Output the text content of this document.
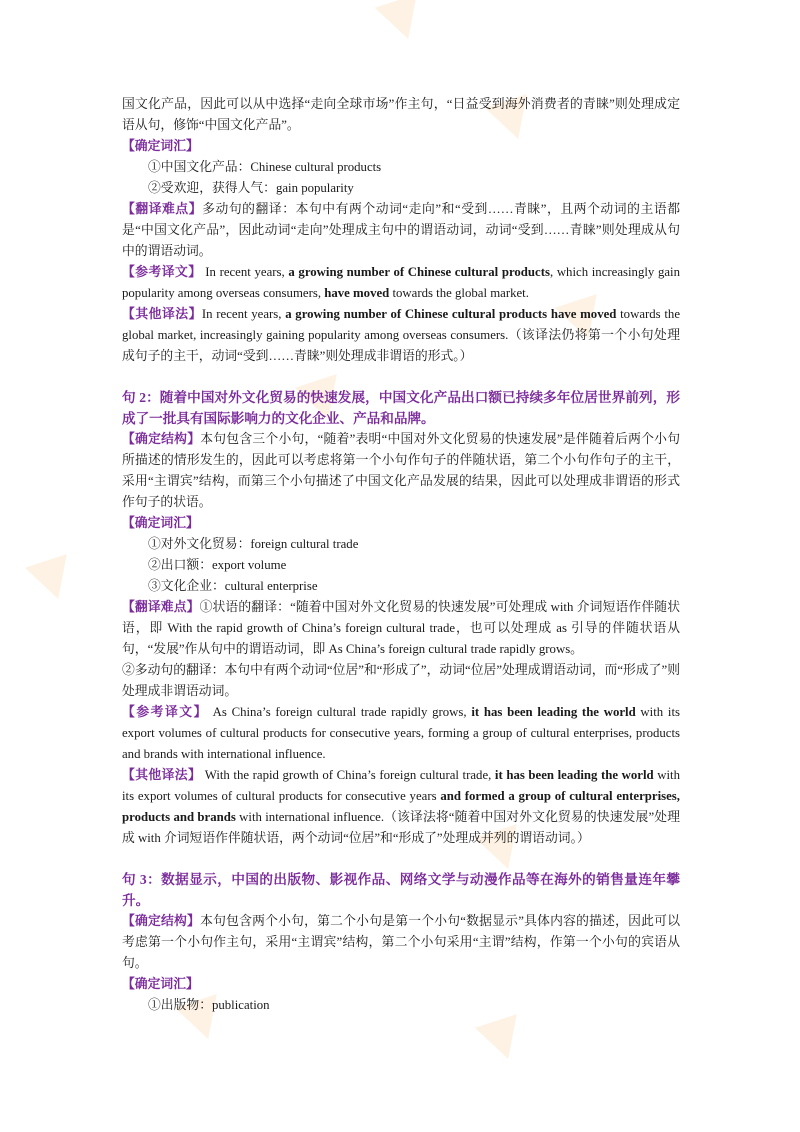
国文化产品，因此可以从中选择“走向全球市场”作主句，“日益受到海外消费者的青睐”则处理成定语从句，修饰“中国文化产品”。

【确定词汇】

①中国文化产品：Chinese cultural products

②受欢迎，获得人气：gain popularity

【翻译难点】多动句的翻译：本句中有两个动词“走向”和“受到……青睐”，且两个动词的主语都是“中国文化产品”，因此动词“走向”处理成主句中的谓语动词，动词“受到……青睐”则处理成从句中的谓语动词。

【参考译文】 In recent years, a growing number of Chinese cultural products, which increasingly gain popularity among overseas consumers, have moved towards the global market.

【其他译法】In recent years, a growing number of Chinese cultural products have moved towards the global market, increasingly gaining popularity among overseas consumers.（该译法仍将第一个小句处理成句子的主干，动词“受到……青睐”则处理成非谓语的形式。）

句 2：随着中国对外文化贸易的快速发展，中国文化产品出口额已持续多年位居世界前列，形成了一批具有国际影响力的文化企业、产品和品牌。

【确定结构】本句包含三个小句，“随着”表明“中国对外文化贸易的快速发展”是伴随着后两个小句所描述的情形发生的，因此可以考虑将第一个小句作句子的伴随状语，第二个小句作句子的主干，采用“主谓宾”结构，而第三个小句描述了中国文化产品发展的结果，因此可以处理成非谓语的形式作句子的状语。

【确定词汇】

①对外文化贸易：foreign cultural trade

②出口额：export volume

③文化企业：cultural enterprise

【翻译难点】①状语的翻译：“随着中国对外文化贸易的快速发展”可处理成 with 介词短语作伴随状语，即 With the rapid growth of China’s foreign cultural trade，也可以处理成 as 引导的伴随状语从句，“发展”作从句中的谓语动词，即 As China’s foreign cultural trade rapidly grows。

②多动句的翻译：本句中有两个动词“位居”和“形成了”，动词“位居”处理成谓语动词，而“形成了”则处理成非谓语动词。

【参考译文】 As China’s foreign cultural trade rapidly grows, it has been leading the world with its export volumes of cultural products for consecutive years, forming a group of cultural enterprises, products and brands with international influence.

【其他译法】 With the rapid growth of China’s foreign cultural trade, it has been leading the world with its export volumes of cultural products for consecutive years and formed a group of cultural enterprises, products and brands with international influence.（该译法将“随着中国对外文化贸易的快速发展”处理成 with 介词短语作伴随状语，两个动词“位居”和“形成了”处理成并列的谓语动词。）

句 3：数据显示，中国的出版物、影视作品、网络文学与动漫作品等在海外的销售量连年攀升。

【确定结构】本句包含两个小句，第二个小句是第一个小句“数据显示”具体内容的描述，因此可以考虑第一个小句作主句，采用“主谓宾”结构，第二个小句采用“主谓”结构，作第一个小句的宾语从句。

【确定词汇】

①出版物：publication
